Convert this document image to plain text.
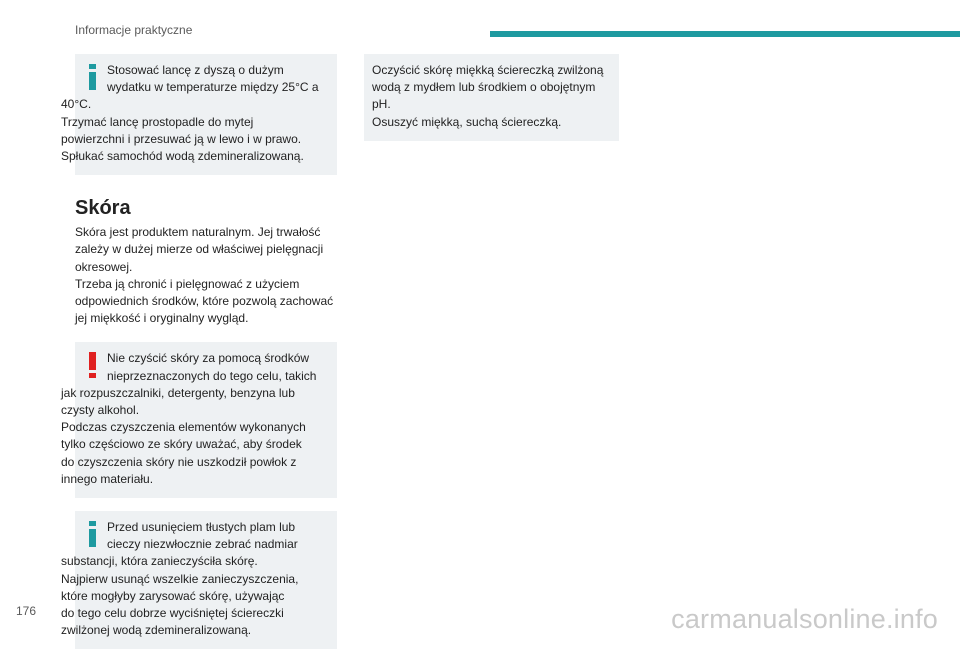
Informacje praktyczne

Stosować lancę z dyszą o dużym
wydatku w temperaturze między 25°C a
40°C.
Trzymać lancę prostopadle do mytej
powierzchni i przesuwać ją w lewo i w prawo.
Spłukać samochód wodą zdemineralizowaną.

Skóra

Skóra jest produktem naturalnym. Jej trwałość
zależy w dużej mierze od właściwej pielęgnacji
okresowej.
Trzeba ją chronić i pielęgnować z użyciem
odpowiednich środków, które pozwolą zachować
jej miękkość i oryginalny wygląd.

Nie czyścić skóry za pomocą środków
nieprzeznaczonych do tego celu, takich
jak rozpuszczalniki, detergenty, benzyna lub
czysty alkohol.
Podczas czyszczenia elementów wykonanych
tylko częściowo ze skóry uważać, aby środek
do czyszczenia skóry nie uszkodził powłok z
innego materiału.

Przed usunięciem tłustych plam lub
cieczy niezwłocznie zebrać nadmiar
substancji, która zanieczyściła skórę.
Najpierw usunąć wszelkie zanieczyszczenia,
które mogłyby zarysować skórę, używając
do tego celu dobrze wyciśniętej ściereczki
zwilżonej wodą zdemineralizowaną.

Oczyścić skórę miękką ściereczką zwilżoną
wodą z mydłem lub środkiem o obojętnym
pH.
Osuszyć miękką, suchą ściereczką.

176	carmanualsonline.info
